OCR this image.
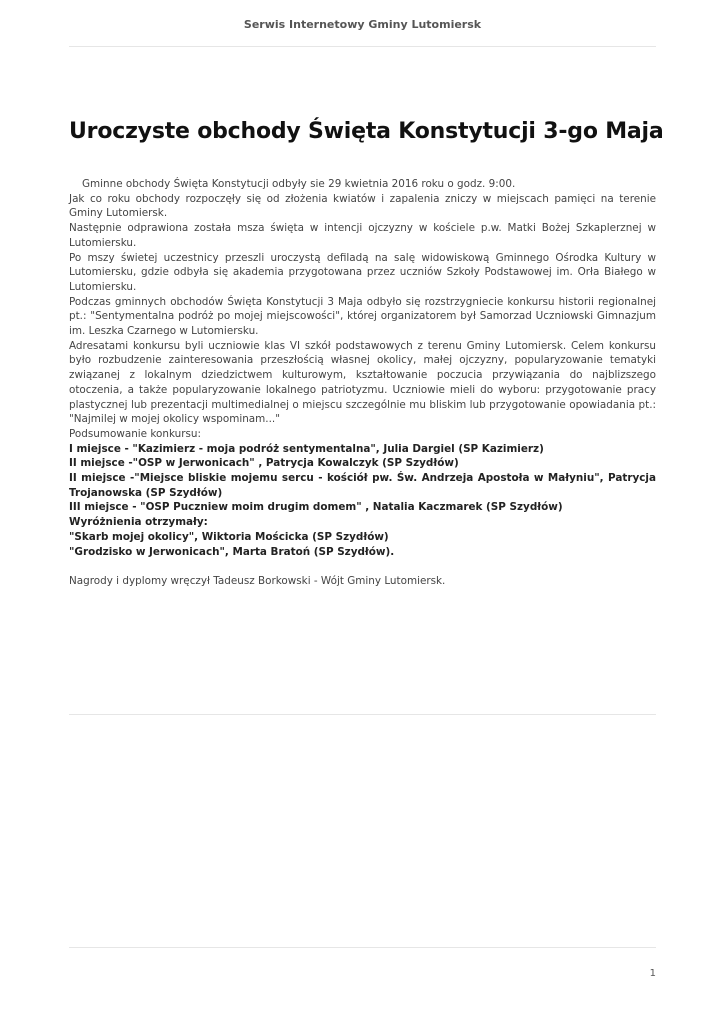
Serwis Internetowy Gminy Lutomiersk
Uroczyste obchody Święta Konstytucji 3-go Maja

Gminne obchody Święta Konstytucji odbyły sie 29 kwietnia 2016 roku o godz. 9:00.

Jak co roku obchody rozpoczęły się od złożenia kwiatów i zapalenia zniczy w miejscach pamięci na terenie Gminy Lutomiersk.

Następnie odprawiona została msza święta w intencji ojczyzny w kościele p.w. Matki Bożej Szkaplerznej w Lutomiersku.

Po mszy świetej uczestnicy przeszli uroczystą defiladą na salę widowiskową Gminnego Ośrodka Kultury w Lutomiersku, gdzie odbyła się akademia przygotowana przez uczniów Szkoły Podstawowej im. Orła Białego w Lutomiersku.

Podczas gminnych obchodów Święta Konstytucji 3 Maja odbyło się rozstrzygniecie konkursu historii regionalnej pt.: "Sentymentalna podróż po mojej miejscowości", której organizatorem był Samorzad Uczniowski Gimnazjum im. Leszka Czarnego w Lutomiersku.

Adresatami konkursu byli uczniowie klas VI szkół podstawowych z terenu Gminy Lutomiersk. Celem konkursu było rozbudzenie zainteresowania przeszłością własnej okolicy, małej ojczyzny, popularyzowanie tematyki związanej z lokalnym dziedzictwem kulturowym, kształtowanie poczucia przywiązania do najblizszego otoczenia, a także popularyzowanie lokalnego patriotyzmu. Uczniowie mieli do wyboru: przygotowanie pracy plastycznej lub prezentacji multimedialnej o miejscu szczególnie mu bliskim lub przygotowanie opowiadania pt.: "Najmilej w mojej okolicy wspominam..."

Podsumowanie konkursu:

I miejsce - "Kazimierz - moja podróż sentymentalna", Julia Dargiel (SP Kazimierz)

II miejsce -"OSP w Jerwonicach" , Patrycja Kowalczyk (SP Szydłów)

II miejsce -"Miejsce bliskie mojemu sercu - kościół pw. Św. Andrzeja Apostoła w Małyniu", Patrycja Trojanowska (SP Szydłów)

III miejsce - "OSP Puczniew moim drugim domem" , Natalia Kaczmarek (SP Szydłów)

Wyróżnienia otrzymały:

"Skarb mojej okolicy", Wiktoria Mościcka (SP Szydłów)

"Grodzisko w Jerwonicach", Marta Bratoń (SP Szydłów).

Nagrody i dyplomy wręczył Tadeusz Borkowski - Wójt Gminy Lutomiersk.

1
